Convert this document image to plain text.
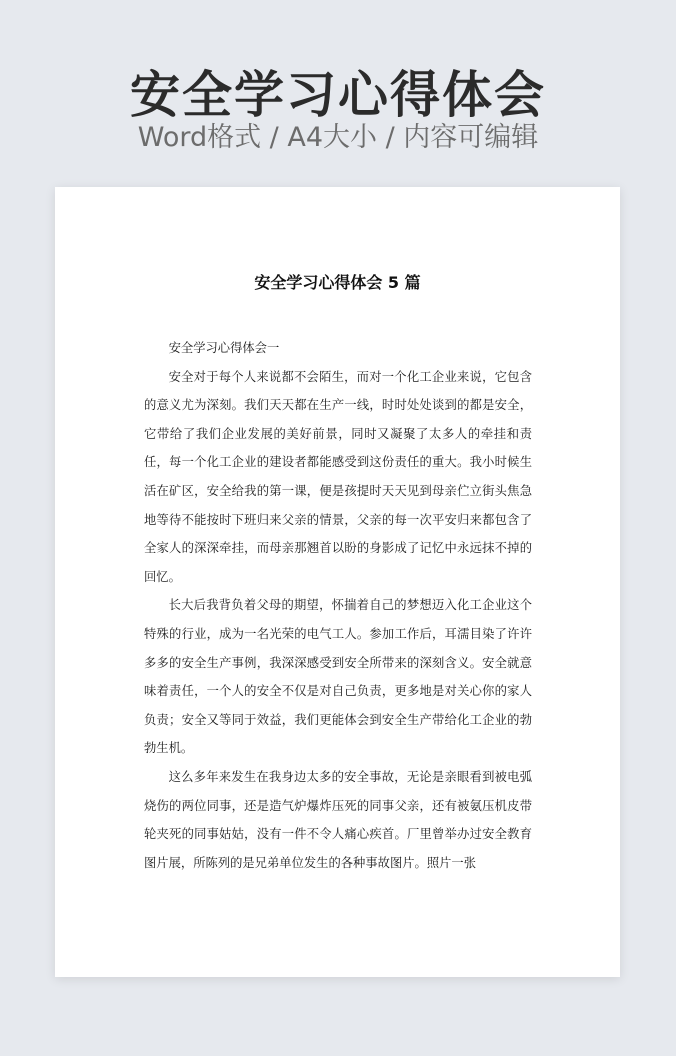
安全学习心得体会
Word格式 / A4大小 / 内容可编辑
安全学习心得体会 5 篇

安全学习心得体会一

安全对于每个人来说都不会陌生，而对一个化工企业来说，它包含的意义尤为深刻。我们天天都在生产一线，时时处处谈到的都是安全，它带给了我们企业发展的美好前景，同时又凝聚了太多人的牵挂和责任，每一个化工企业的建设者都能感受到这份责任的重大。我小时候生活在矿区，安全给我的第一课，便是孩提时天天见到母亲伫立街头焦急地等待不能按时下班归来父亲的情景，父亲的每一次平安归来都包含了全家人的深深牵挂，而母亲那翘首以盼的身影成了记忆中永远抹不掉的回忆。

长大后我背负着父母的期望，怀揣着自己的梦想迈入化工企业这个特殊的行业，成为一名光荣的电气工人。参加工作后，耳濡目染了许许多多的安全生产事例，我深深感受到安全所带来的深刻含义。安全就意味着责任，一个人的安全不仅是对自己负责，更多地是对关心你的家人负责；安全又等同于效益，我们更能体会到安全生产带给化工企业的勃勃生机。

这么多年来发生在我身边太多的安全事故，无论是亲眼看到被电弧烧伤的两位同事，还是造气炉爆炸压死的同事父亲，还有被氨压机皮带轮夹死的同事姑姑，没有一件不令人痛心疾首。厂里曾举办过安全教育图片展，所陈列的是兄弟单位发生的各种事故图片。照片一张
